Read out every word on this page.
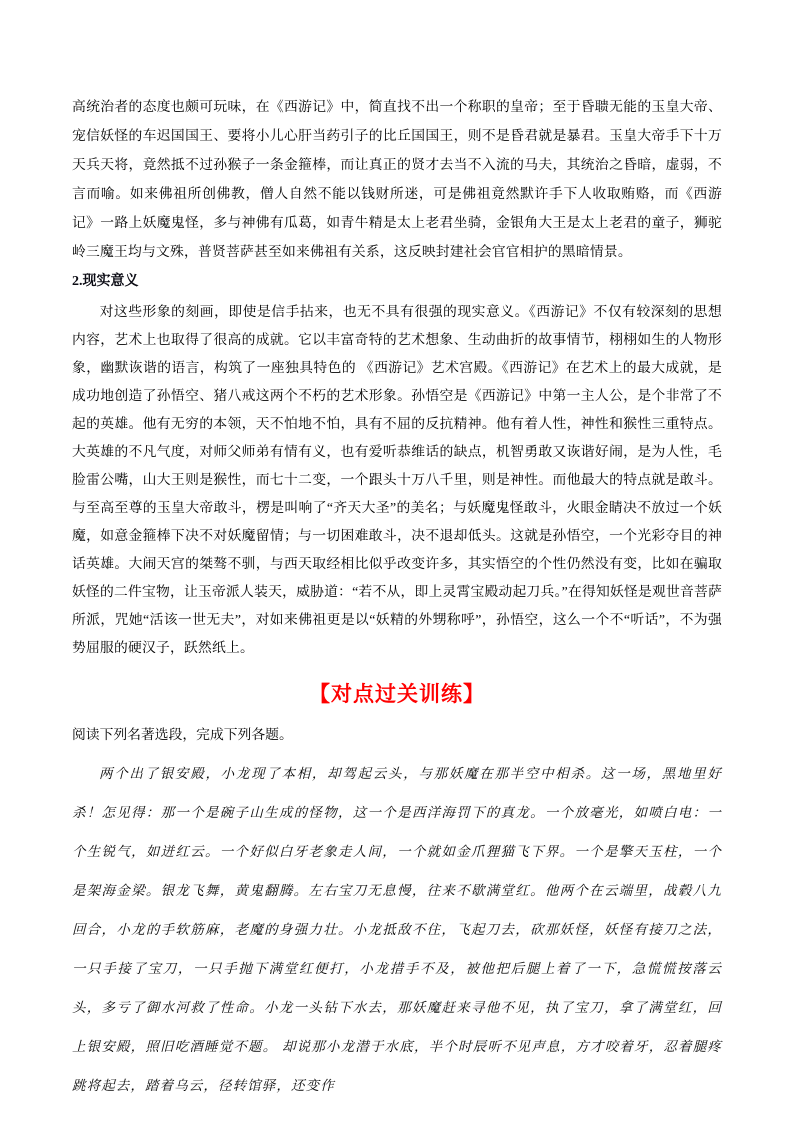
高统治者的态度也颇可玩味，在《西游记》中，简直找不出一个称职的皇帝；至于昏聩无能的玉皇大帝、宠信妖怪的车迟国国王、要将小儿心肝当药引子的比丘国国王，则不是昏君就是暴君。玉皇大帝手下十万天兵天将，竟然抵不过孙猴子一条金箍棒，而让真正的贤才去当不入流的马夫，其统治之昏暗，虚弱，不言而喻。如来佛祖所创佛教，僧人自然不能以钱财所迷，可是佛祖竟然默许手下人收取贿赂，而《西游记》一路上妖魔鬼怪，多与神佛有瓜葛，如青牛精是太上老君坐骑，金银角大王是太上老君的童子，狮驼岭三魔王均与文殊，普贤菩萨甚至如来佛祖有关系，这反映封建社会官官相护的黑暗情景。

2.现实意义

对这些形象的刻画，即使是信手拈来，也无不具有很强的现实意义。《西游记》不仅有较深刻的思想内容，艺术上也取得了很高的成就。它以丰富奇特的艺术想象、生动曲折的故事情节，栩栩如生的人物形象，幽默诙谐的语言，构筑了一座独具特色的 《西游记》艺术宫殿。《西游记》在艺术上的最大成就，是成功地创造了孙悟空、猪八戒这两个不朽的艺术形象。孙悟空是《西游记》中第一主人公，是个非常了不起的英雄。他有无穷的本领，天不怕地不怕，具有不屈的反抗精神。他有着人性，神性和猴性三重特点。大英雄的不凡气度，对师父师弟有情有义，也有爱听恭维话的缺点，机智勇敢又诙谐好闹，是为人性，毛脸雷公嘴，山大王则是猴性，而七十二变，一个跟头十万八千里，则是神性。而他最大的特点就是敢斗。与至高至尊的玉皇大帝敢斗，楞是叫响了“齐天大圣”的美名；与妖魔鬼怪敢斗，火眼金睛决不放过一个妖魔，如意金箍棒下决不对妖魔留情；与一切困难敢斗，决不退却低头。这就是孙悟空，一个光彩夺目的神话英雄。大闹天宫的桀骜不驯，与西天取经相比似乎改变许多，其实悟空的个性仍然没有变，比如在骗取妖怪的二件宝物，让玉帝派人装天，威胁道：“若不从，即上灵霄宝殿动起刀兵。”在得知妖怪是观世音菩萨所派，咒她“活该一世无夫”，对如来佛祖更是以“妖精的外甥称呼”，孙悟空，这么一个不“听话”，不为强势屈服的硬汉子，跃然纸上。

【对点过关训练】

阅读下列名著选段，完成下列各题。

两个出了银安殿，小龙现了本相，却驾起云头，与那妖魔在那半空中相杀。这一场，黑地里好杀！怎见得：那一个是碗子山生成的怪物，这一个是西洋海罚下的真龙。一个放毫光，如喷白电：一个生锐气，如迸红云。一个好似白牙老象走人间，一个就如金爪狸猫飞下界。一个是擎天玉柱，一个是架海金梁。银龙飞舞，黄鬼翻腾。左右宝刀无息慢，往来不歇满堂红。他两个在云端里，战毂八九回合，小龙的手软筋麻，老魔的身强力壮。小龙抵敌不住，飞起刀去，砍那妖怪，妖怪有接刀之法，一只手接了宝刀，一只手抛下满堂红便打，小龙措手不及，被他把后腿上着了一下，急慌慌按落云头，多亏了御水河救了性命。小龙一头钻下水去，那妖魔赶来寻他不见，执了宝刀，拿了满堂红，回上银安殿，照旧吃酒睡觉不题。 却说那小龙潜于水底，半个时辰听不见声息，方才咬着牙，忍着腿疼跳将起去，踏着乌云，径转馆驿，还变作
